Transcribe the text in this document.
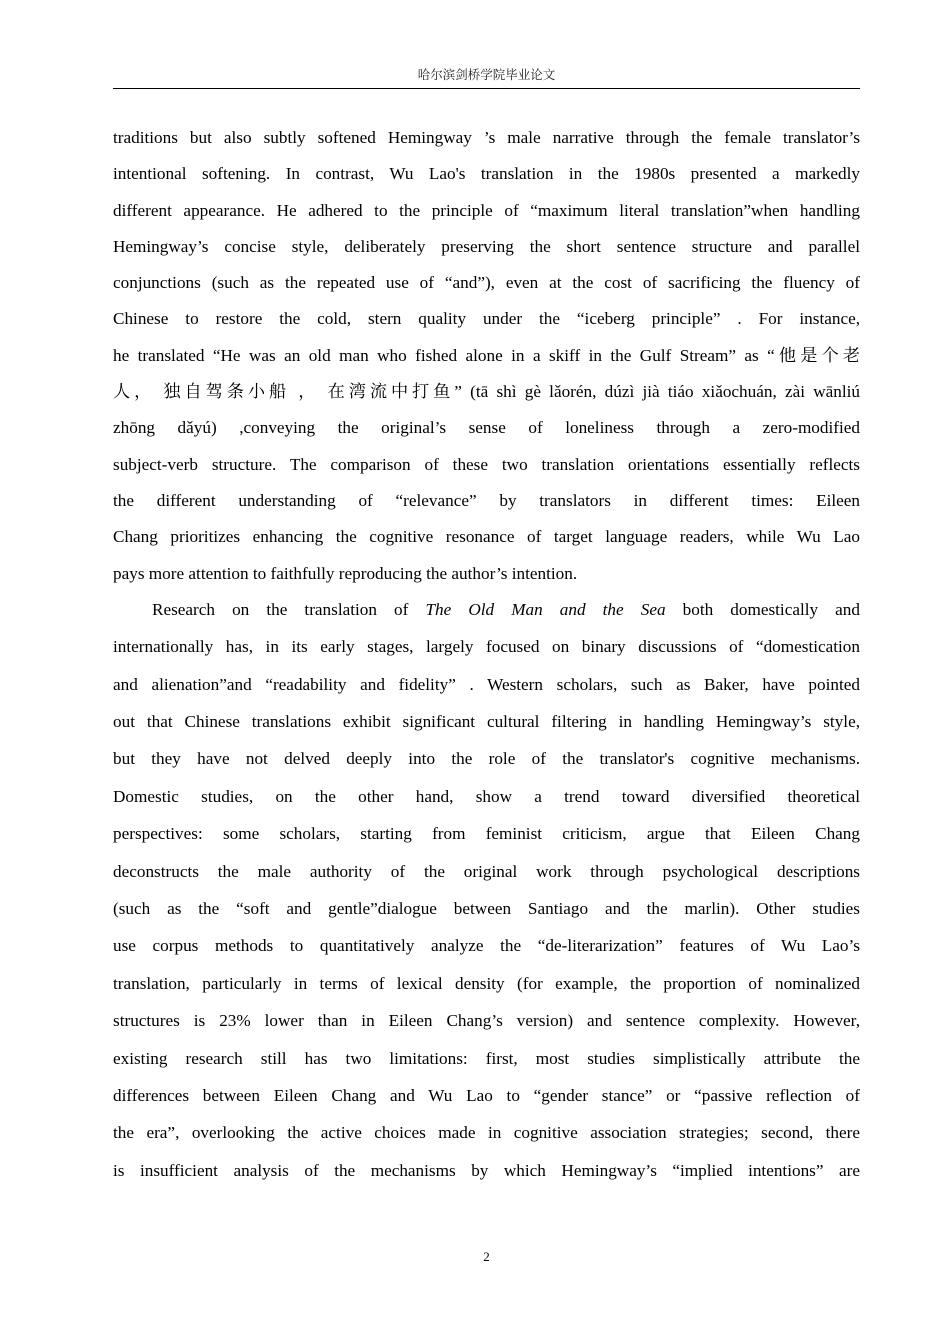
哈尔滨剑桥学院毕业论文
traditions but also subtly softened Hemingway ’s male narrative through the female translator’s
intentional softening. In contrast, Wu Lao's translation in the 1980s presented a markedly
different appearance. He adhered to the principle of “maximum literal translation”when handling
Hemingway’s concise style, deliberately preserving the short sentence structure and parallel
conjunctions (such as the repeated use of “and”), even at the cost of sacrificing the fluency of
Chinese to restore the cold, stern quality under the “iceberg principle” . For instance,
he translated “He was an old man who fished alone in a skiff in the Gulf Stream” as “他是个老
人， 独自驾条小船 ， 在湾流中打鱼” (tā shì gè lǎorén, dúzì jià tiáo xiǎochuán, zài wānliú
zhōng dǎyú) ,conveying the original’s sense of loneliness through a zero-modified
subject-verb structure. The comparison of these two translation orientations essentially reflects
the different understanding of “relevance” by translators in different times: Eileen
Chang prioritizes enhancing the cognitive resonance of target language readers, while Wu Lao
pays more attention to faithfully reproducing the author’s intention.
Research on the translation of The Old Man and the Sea both domestically and
internationally has, in its early stages, largely focused on binary discussions of “domestication
and alienation”and “readability and fidelity” . Western scholars, such as Baker, have pointed
out that Chinese translations exhibit significant cultural filtering in handling Hemingway’s style,
but they have not delved deeply into the role of the translator's cognitive mechanisms.
Domestic studies, on the other hand, show a trend toward diversified theoretical
perspectives: some scholars, starting from feminist criticism, argue that Eileen Chang
deconstructs the male authority of the original work through psychological descriptions
(such as the “soft and gentle”dialogue between Santiago and the marlin). Other studies
use corpus methods to quantitatively analyze the “de-literarization” features of Wu Lao’s
translation, particularly in terms of lexical density (for example, the proportion of nominalized
structures is 23% lower than in Eileen Chang’s version) and sentence complexity. However,
existing research still has two limitations: first, most studies simplistically attribute the
differences between Eileen Chang and Wu Lao to “gender stance” or “passive reflection of
the era”, overlooking the active choices made in cognitive association strategies; second, there
is insufficient analysis of the mechanisms by which Hemingway’s “implied intentions” are
2
